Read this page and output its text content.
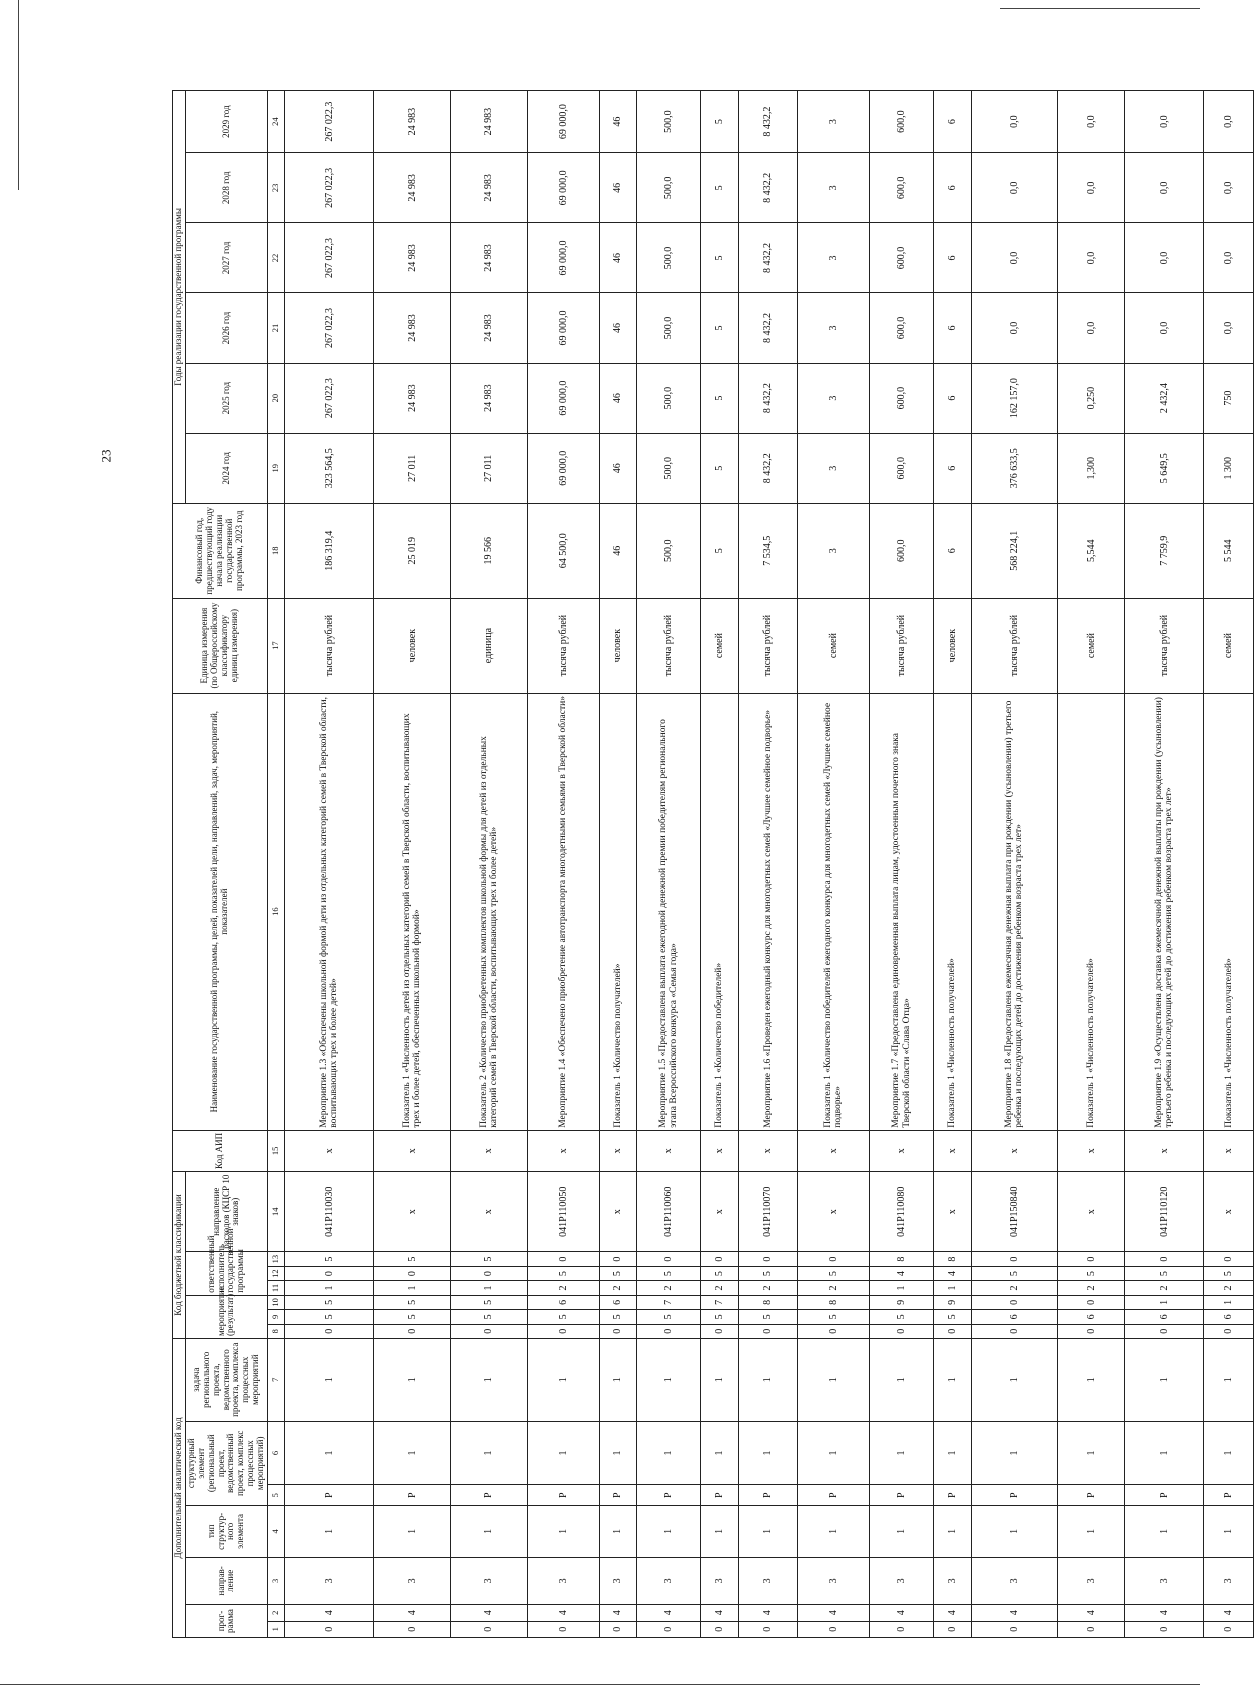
23
Дополнительный аналитический код							Код бюджетной классификации							Код АИП	Наименование государственной программы, целей, показателей цели, направлений, задач, мероприятий, показателей	Единица измерения (по Общероссийскому классификатору единиц измерения)	Финансовый год, предшествующий году начала реализации государственной программы, 2023 год	Годы реализации государственной программы					
прог-рамма		направ-ление	тип структур-ного элемента	структурный элемент (региональный проект, ведомственный проект, комплекс процессных мероприятий)		задача регионального проекта, ведомственного проекта, комплекса процессных мероприятий	мероприятие (результат)			ответственный исполнитель государственной программы			направление расходов (КЦСР 10 знаков)					2024 год	2025 год	2026 год	2027 год	2028 год	2029 год

1	2	3	4	5	6	7	8	9	10	11	12	13	14	15	16	17	18	19	20	21	22	23	24
0	4	3	1	Р	1	1	0	5	5	1	0	5	041Р110030	х	Мероприятие 1.3 «Обеспечены школьной формой дети из отдельных категорий семей в Тверской области, воспитывающих трех и более детей»	тысяча рублей	186 319,4	323 564,5	267 022,3	267 022,3	267 022,3	267 022,3	267 022,3
0	4	3	1	Р	1	1	0	5	5	1	0	5	х	х	Показатель 1 «Численность детей из отдельных категорий семей в Тверской области, воспитывающих трех и более детей, обеспеченных школьной формой»	человек	25 019	27 011	24 983	24 983	24 983	24 983	24 983
0	4	3	1	Р	1	1	0	5	5	1	0	5	х	х	Показатель 2 «Количество приобретенных комплектов школьной формы для детей из отдельных категорий семей в Тверской области, воспитывающих трех и более детей»	единица	19 566	27 011	24 983	24 983	24 983	24 983	24 983
0	4	3	1	Р	1	1	0	5	6	2	5	0	041Р110050	х	Мероприятие 1.4 «Обеспечено приобретение автотранспорта многодетными семьями в Тверской области»	тысяча рублей	64 500,0	69 000,0	69 000,0	69 000,0	69 000,0	69 000,0	69 000,0
0	4	3	1	Р	1	1	0	5	6	2	5	0	х	х	Показатель 1 «Количество получателей»	человек	46	46	46	46	46	46	46
0	4	3	1	Р	1	1	0	5	7	2	5	0	041Р110060	х	Мероприятие 1.5 «Предоставлена выплата ежегодной денежной премии победителям регионального этапа Всероссийского конкурса «Семья года»	тысяча рублей	500,0	500,0	500,0	500,0	500,0	500,0	500,0
0	4	3	1	Р	1	1	0	5	7	2	5	0	х	х	Показатель 1 «Количество победителей»	семей	5	5	5	5	5	5	5
0	4	3	1	Р	1	1	0	5	8	2	5	0	041Р110070	х	Мероприятие 1.6 «Проведен ежегодный конкурс для многодетных семей «Лучшее семейное подворье»	тысяча рублей	7 534,5	8 432,2	8 432,2	8 432,2	8 432,2	8 432,2	8 432,2
0	4	3	1	Р	1	1	0	5	8	2	5	0	х	х	Показатель 1 «Количество победителей ежегодного конкурса для многодетных семей «Лучшее семейное подворье»	семей	3	3	3	3	3	3	3
0	4	3	1	Р	1	1	0	5	9	1	4	8	041Р110080	х	Мероприятие 1.7 «Предоставлена единовременная выплата лицам, удостоенным почетного знака Тверской области «Слава Отца»	тысяча рублей	600,0	600,0	600,0	600,0	600,0	600,0	600,0
0	4	3	1	Р	1	1	0	5	9	1	4	8	х	х	Показатель 1 «Численность получателей»	человек	6	6	6	6	6	6	6
0	4	3	1	Р	1	1	0	6	0	2	5	0	041Р150840	х	Мероприятие 1.8 «Предоставлена ежемесячная денежная выплата при рождении (усыновлении) третьего ребенка и последующих детей до достижения ребенком возраста трех лет»	тысяча рублей	568 224,1	376 633,5	162 157,0	0,0	0,0	0,0	0,0
0	4	3	1	Р	1	1	0	6	0	2	5	0	х	х	Показатель 1 «Численность получателей»	семей	5,544	1,300	0,250	0,0	0,0	0,0	0,0
0	4	3	1	Р	1	1	0	6	1	2	5	0	041Р110120	х	Мероприятие 1.9 «Осуществлена доставка ежемесячной денежной выплаты при рождении (усыновлении) третьего ребенка и последующих детей до достижения ребенком возраста трех лет»	тысяча рублей	7 759,9	5 649,5	2 432,4	0,0	0,0	0,0	0,0
0	4	3	1	Р	1	1	0	6	1	2	5	0	х	х	Показатель 1 «Численность получателей»	семей	5 544	1 300	750	0,0	0,0	0,0	0,0
